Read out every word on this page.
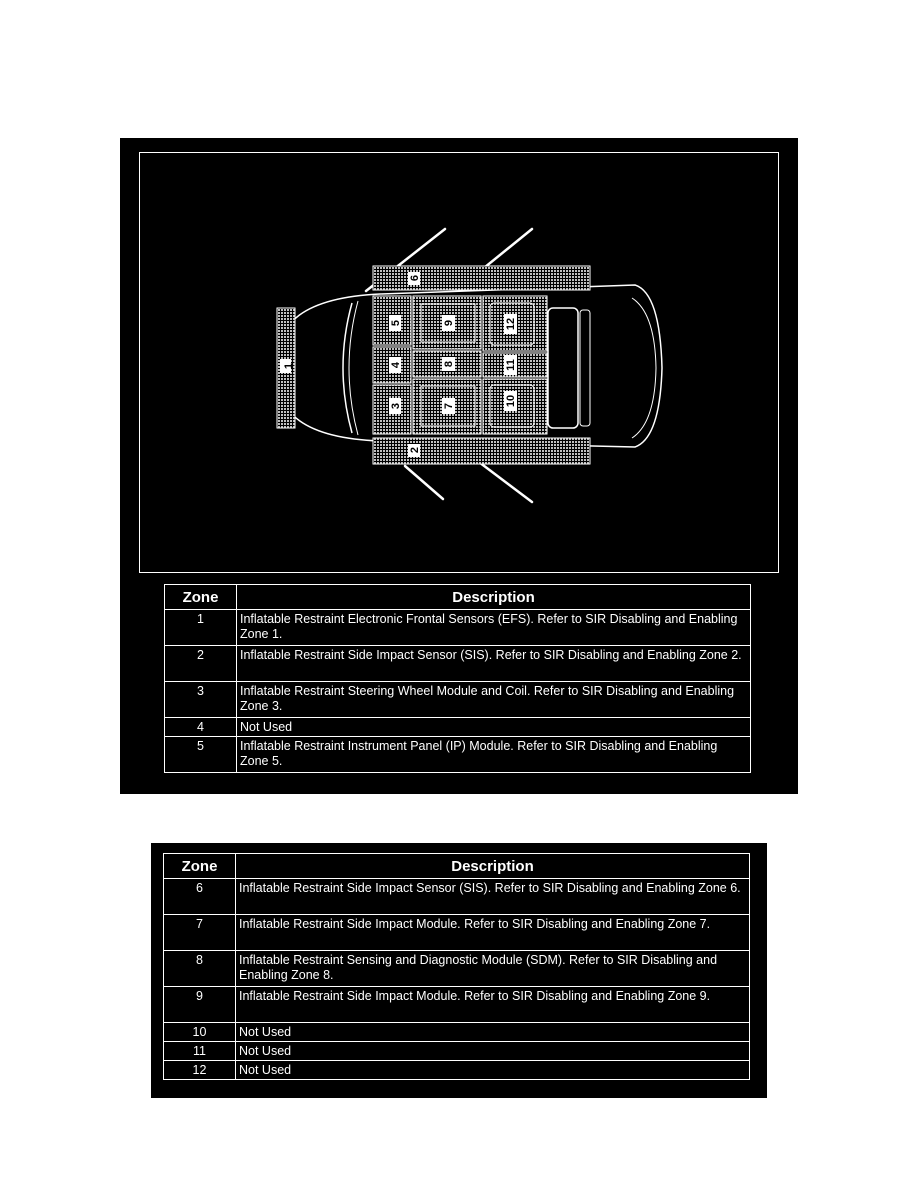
1
6
2
5
4
3
9
8
7
12
11
10
Zone	Description
1	Inflatable Restraint Electronic Frontal Sensors (EFS). Refer to SIR Disabling and Enabling Zone 1.
2	Inflatable Restraint Side Impact Sensor (SIS). Refer to SIR Disabling and Enabling Zone 2.
3	Inflatable Restraint Steering Wheel Module and Coil. Refer to SIR Disabling and Enabling Zone 3.
4	Not Used
5	Inflatable Restraint Instrument Panel (IP) Module. Refer to SIR Disabling and Enabling Zone 5.
Zone	Description
6	Inflatable Restraint Side Impact Sensor (SIS). Refer to SIR Disabling and Enabling Zone 6.
7	Inflatable Restraint Side Impact Module. Refer to SIR Disabling and Enabling Zone 7.
8	Inflatable Restraint Sensing and Diagnostic Module (SDM). Refer to SIR Disabling and Enabling Zone 8.
9	Inflatable Restraint Side Impact Module. Refer to SIR Disabling and Enabling Zone 9.
10	Not Used
11	Not Used
12	Not Used
